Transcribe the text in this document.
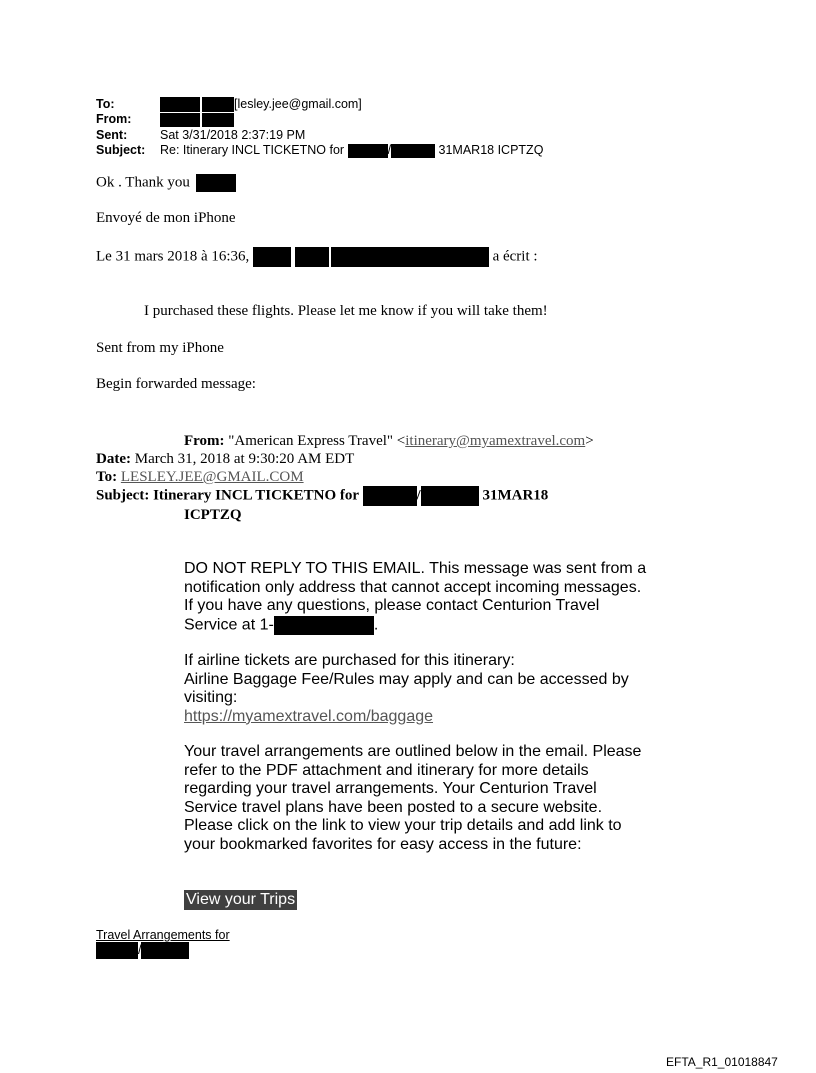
To:	[lesley.jee@gmail.com]
From:
Sent:	Sat 3/31/2018 2:37:19 PM
Subject: Re: Itinerary INCL TICKETNO for	/	31MAR18 ICPTZQ
Ok . Thank you
Envoyé de mon iPhone
Le 31 mars 2018 à 16:36,	a écrit :
I purchased these flights. Please let me know if you will take them!
Sent from my iPhone
Begin forwarded message:
From: "American Express Travel" <itinerary@myamextravel.com>
Date: March 31, 2018 at 9:30:20 AM EDT
To: LESLEY.JEE@GMAIL.COM
Subject: Itinerary INCL TICKETNO for	/	31MAR18
ICPTZQ
DO NOT REPLY TO THIS EMAIL. This message was sent from a notification only address that cannot accept incoming messages. If you have any questions, please contact Centurion Travel Service at 1-	.
If airline tickets are purchased for this itinerary:
Airline Baggage Fee/Rules may apply and can be accessed by visiting:
https://myamextravel.com/baggage
Your travel arrangements are outlined below in the email. Please refer to the PDF attachment and itinerary for more details regarding your travel arrangements. Your Centurion Travel Service travel plans have been posted to a secure website. Please click on the link to view your trip details and add link to your bookmarked favorites for easy access in the future:
View your Trips
Travel Arrangements for
/
EFTA_R1_01018847
